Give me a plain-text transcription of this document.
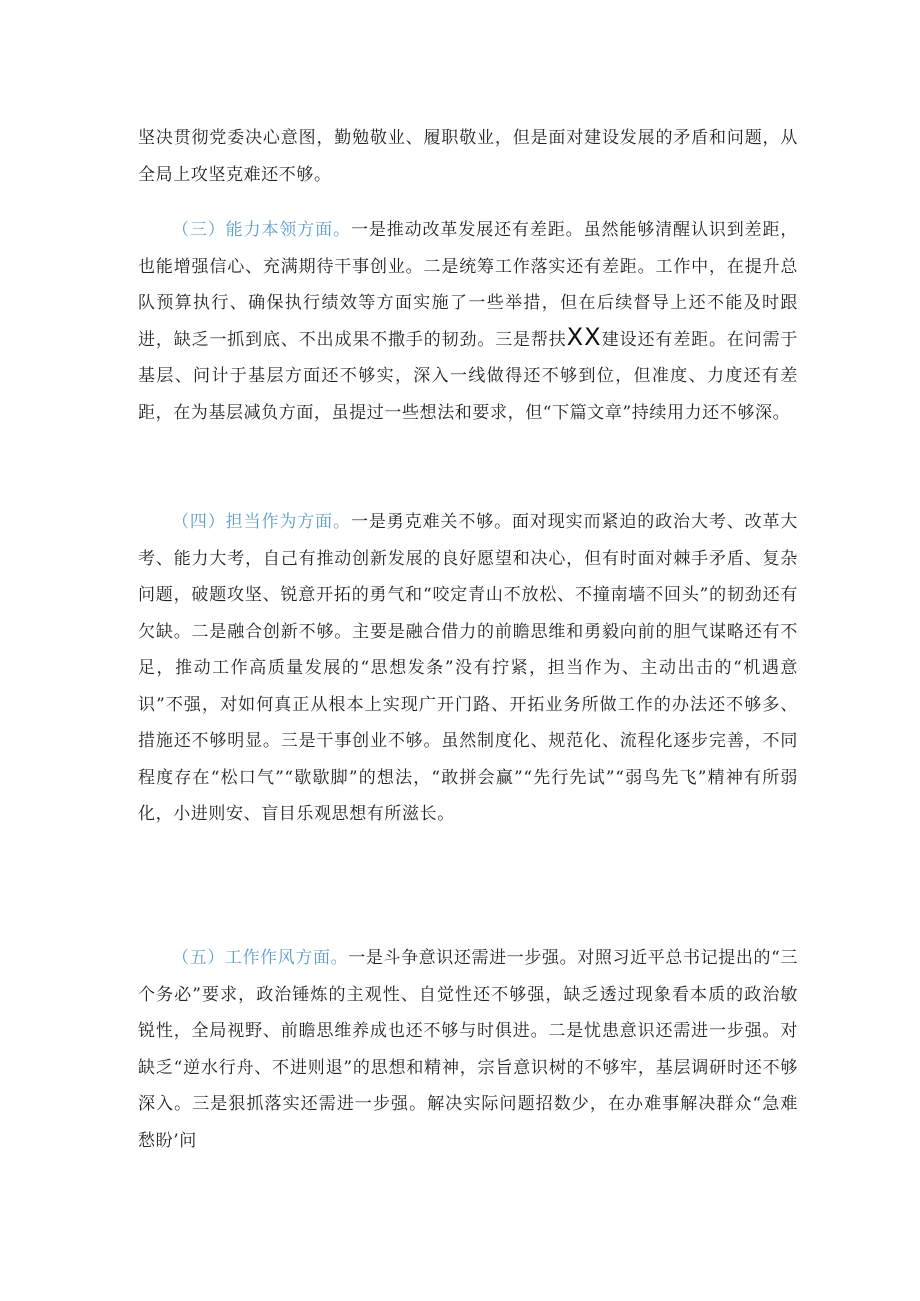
坚决贯彻党委决心意图，勤勉敬业、履职敬业，但是面对建设发展的矛盾和问题，从全局上攻坚克难还不够。

（三）能力本领方面。一是推动改革发展还有差距。虽然能够清醒认识到差距，也能增强信心、充满期待干事创业。二是统筹工作落实还有差距。工作中，在提升总队预算执行、确保执行绩效等方面实施了一些举措，但在后续督导上还不能及时跟进，缺乏一抓到底、不出成果不撒手的韧劲。三是帮扶XX建设还有差距。在问需于基层、问计于基层方面还不够实，深入一线做得还不够到位，但准度、力度还有差距，在为基层减负方面，虽提过一些想法和要求，但“下篇文章”持续用力还不够深。

（四）担当作为方面。一是勇克难关不够。面对现实而紧迫的政治大考、改革大考、能力大考，自己有推动创新发展的良好愿望和决心，但有时面对棘手矛盾、复杂问题，破题攻坚、锐意开拓的勇气和“咬定青山不放松、不撞南墙不回头”的韧劲还有欠缺。二是融合创新不够。主要是融合借力的前瞻思维和勇毅向前的胆气谋略还有不足，推动工作高质量发展的“思想发条”没有拧紧，担当作为、主动出击的“机遇意识”不强，对如何真正从根本上实现广开门路、开拓业务所做工作的办法还不够多、措施还不够明显。三是干事创业不够。虽然制度化、规范化、流程化逐步完善，不同程度存在“松口气”“歇歇脚”的想法，“敢拼会赢”“先行先试”“弱鸟先飞”精神有所弱化，小进则安、盲目乐观思想有所滋长。

（五）工作作风方面。一是斗争意识还需进一步强。对照习近平总书记提出的“三个务必”要求，政治锤炼的主观性、自觉性还不够强，缺乏透过现象看本质的政治敏锐性，全局视野、前瞻思维养成也还不够与时俱进。二是忧患意识还需进一步强。对缺乏“逆水行舟、不进则退”的思想和精神，宗旨意识树的不够牢，基层调研时还不够深入。三是狠抓落实还需进一步强。解决实际问题招数少，在办难事解决群众“急难愁盼’问
